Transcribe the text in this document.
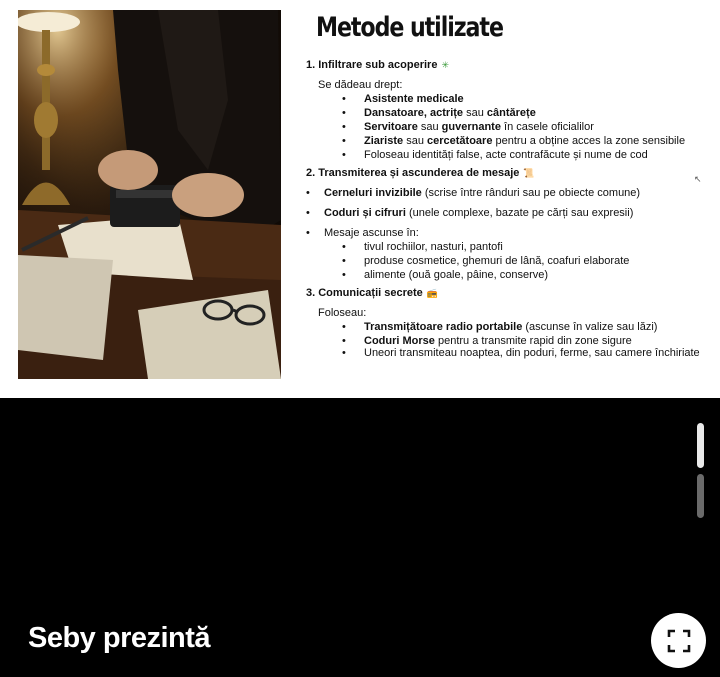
Metode utilizate
1. Infiltrare sub acoperire ✳
Se dădeau drept:
• Asistente medicale
• Dansatoare, actrițe sau cântărețe
• Servitoare sau guvernante în casele oficialilor
• Ziariste sau cercetătoare pentru a obține acces la zone sensibile
• Foloseau identități false, acte contrafăcute și nume de cod
2. Transmiterea și ascunderea de mesaje 📜
• Cerneluri invizibile (scrise între rânduri sau pe obiecte comune)
• Coduri și cifruri (unele complexe, bazate pe cărți sau expresii)
• Mesaje ascunse în:
• tivul rochiilor, nasturi, pantofi
• produse cosmetice, ghemuri de lână, coafuri elaborate
• alimente (ouă goale, pâine, conserve)
3. Comunicații secrete 📻
Foloseau:
• Transmițătoare radio portabile (ascunse în valize sau lăzi)
• Coduri Morse pentru a transmite rapid din zone sigure
• Uneori transmiteau noaptea, din poduri, ferme, sau camere închiriate
↖
Seby prezintă
